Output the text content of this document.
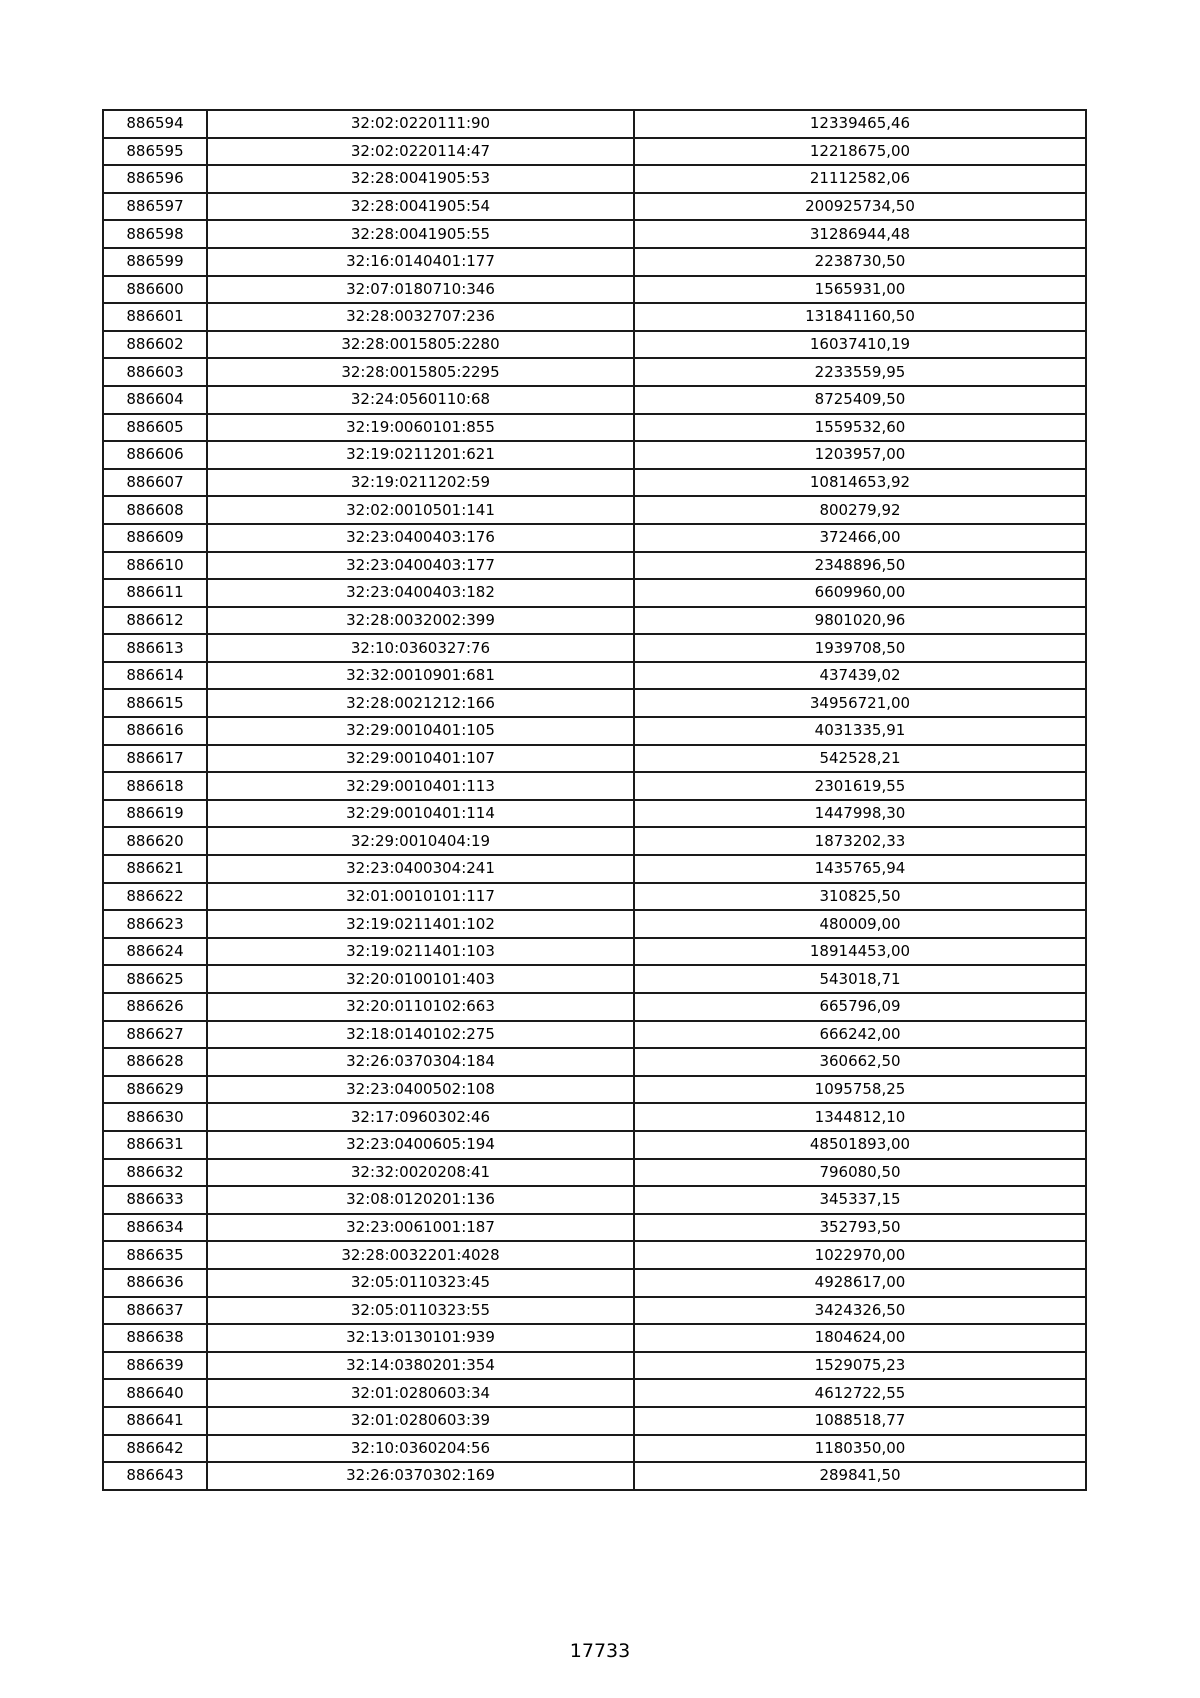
886594	32:02:0220111:90	12339465,46
886595	32:02:0220114:47	12218675,00
886596	32:28:0041905:53	21112582,06
886597	32:28:0041905:54	200925734,50
886598	32:28:0041905:55	31286944,48
886599	32:16:0140401:177	2238730,50
886600	32:07:0180710:346	1565931,00
886601	32:28:0032707:236	131841160,50
886602	32:28:0015805:2280	16037410,19
886603	32:28:0015805:2295	2233559,95
886604	32:24:0560110:68	8725409,50
886605	32:19:0060101:855	1559532,60
886606	32:19:0211201:621	1203957,00
886607	32:19:0211202:59	10814653,92
886608	32:02:0010501:141	800279,92
886609	32:23:0400403:176	372466,00
886610	32:23:0400403:177	2348896,50
886611	32:23:0400403:182	6609960,00
886612	32:28:0032002:399	9801020,96
886613	32:10:0360327:76	1939708,50
886614	32:32:0010901:681	437439,02
886615	32:28:0021212:166	34956721,00
886616	32:29:0010401:105	4031335,91
886617	32:29:0010401:107	542528,21
886618	32:29:0010401:113	2301619,55
886619	32:29:0010401:114	1447998,30
886620	32:29:0010404:19	1873202,33
886621	32:23:0400304:241	1435765,94
886622	32:01:0010101:117	310825,50
886623	32:19:0211401:102	480009,00
886624	32:19:0211401:103	18914453,00
886625	32:20:0100101:403	543018,71
886626	32:20:0110102:663	665796,09
886627	32:18:0140102:275	666242,00
886628	32:26:0370304:184	360662,50
886629	32:23:0400502:108	1095758,25
886630	32:17:0960302:46	1344812,10
886631	32:23:0400605:194	48501893,00
886632	32:32:0020208:41	796080,50
886633	32:08:0120201:136	345337,15
886634	32:23:0061001:187	352793,50
886635	32:28:0032201:4028	1022970,00
886636	32:05:0110323:45	4928617,00
886637	32:05:0110323:55	3424326,50
886638	32:13:0130101:939	1804624,00
886639	32:14:0380201:354	1529075,23
886640	32:01:0280603:34	4612722,55
886641	32:01:0280603:39	1088518,77
886642	32:10:0360204:56	1180350,00
886643	32:26:0370302:169	289841,50
17733
